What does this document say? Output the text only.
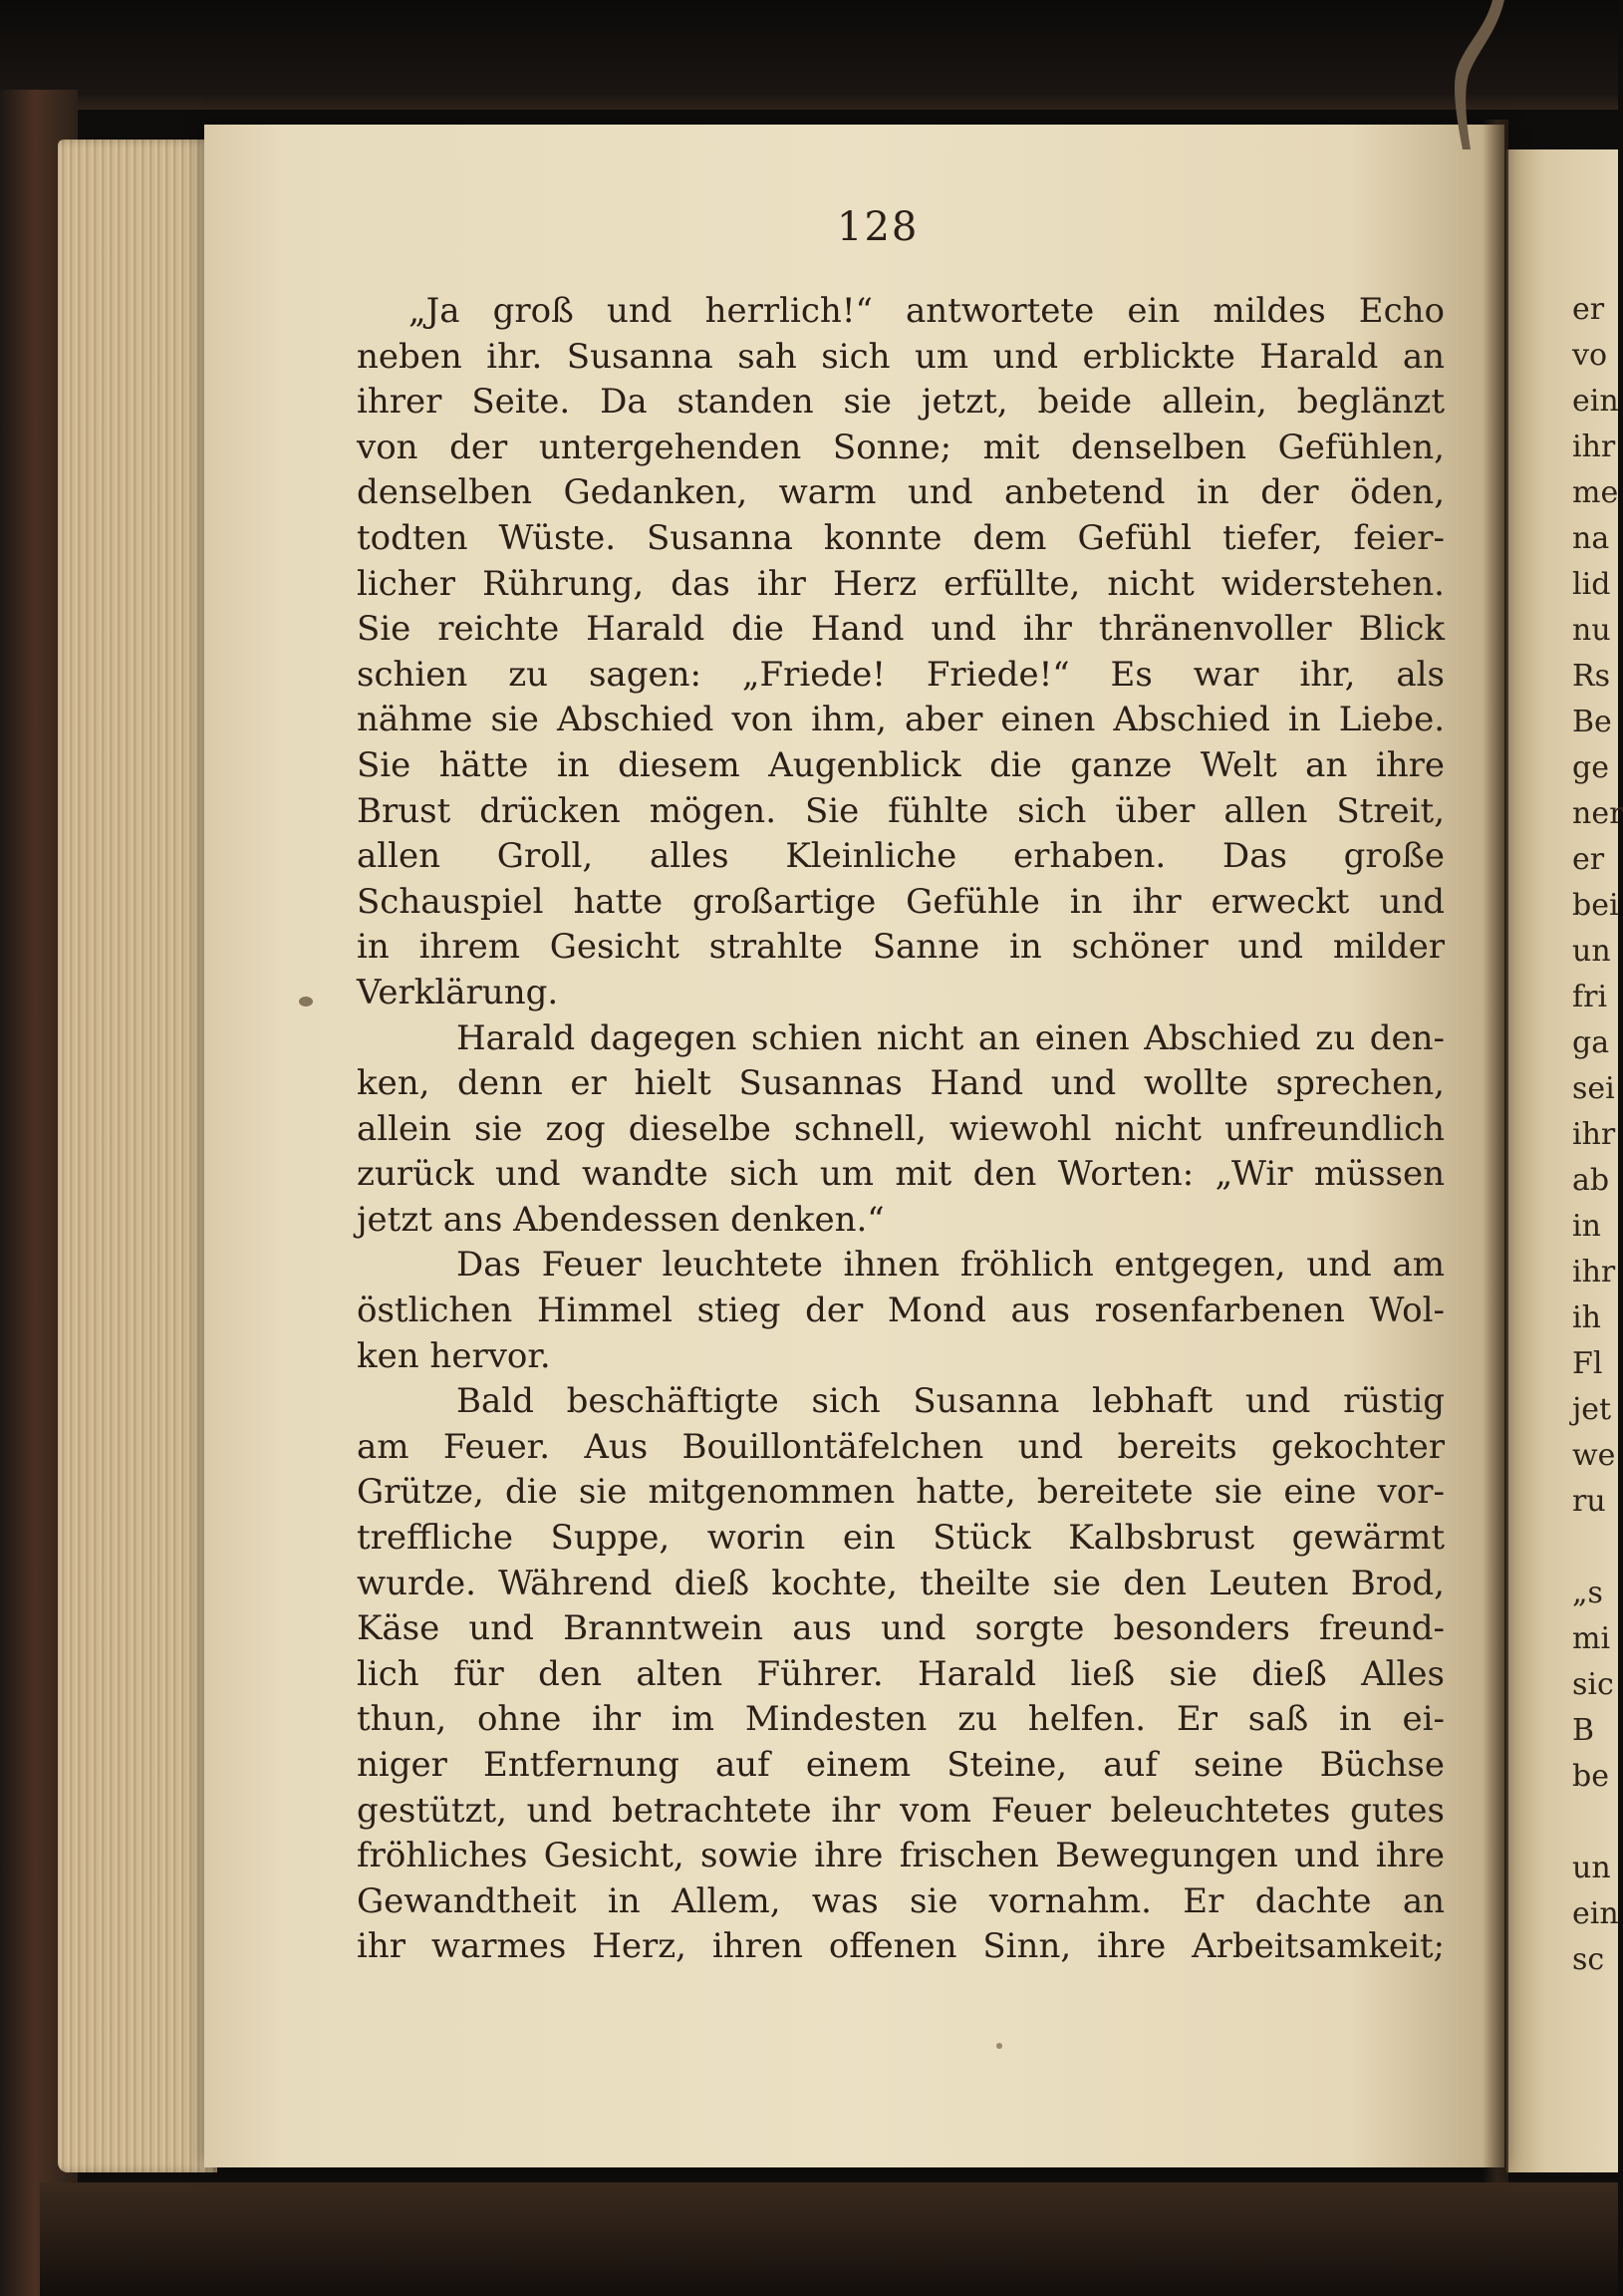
er
vo
ein
ihr
me
na
lid
nu
Rs
Be
ge
ner
er
bei
un
fri
ga
sei
ihr
ab
in
ihr
ih
Fl
jet
we
ru
„s
mi
sic
B
be
un
ein
sc
128
„Ja groß und herrlich!“ antwortete ein mildes Echo
neben ihr. Susanna sah sich um und erblickte Harald an
ihrer Seite. Da standen sie jetzt, beide allein, beglänzt
von der untergehenden Sonne; mit denselben Gefühlen,
denselben Gedanken, warm und anbetend in der öden,
todten Wüste. Susanna konnte dem Gefühl tiefer, feier-
licher Rührung, das ihr Herz erfüllte, nicht widerstehen.
Sie reichte Harald die Hand und ihr thränenvoller Blick
schien zu sagen: „Friede! Friede!“ Es war ihr, als
nähme sie Abschied von ihm, aber einen Abschied in Liebe.
Sie hätte in diesem Augenblick die ganze Welt an ihre
Brust drücken mögen. Sie fühlte sich über allen Streit,
allen Groll, alles Kleinliche erhaben. Das große
Schauspiel hatte großartige Gefühle in ihr erweckt und
in ihrem Gesicht strahlte Sanne in schöner und milder
Verklärung.
Harald dagegen schien nicht an einen Abschied zu den-
ken, denn er hielt Susannas Hand und wollte sprechen,
allein sie zog dieselbe schnell, wiewohl nicht unfreundlich
zurück und wandte sich um mit den Worten: „Wir müssen
jetzt ans Abendessen denken.“
Das Feuer leuchtete ihnen fröhlich entgegen, und am
östlichen Himmel stieg der Mond aus rosenfarbenen Wol-
ken hervor.
Bald beschäftigte sich Susanna lebhaft und rüstig
am Feuer. Aus Bouillontäfelchen und bereits gekochter
Grütze, die sie mitgenommen hatte, bereitete sie eine vor-
treffliche Suppe, worin ein Stück Kalbsbrust gewärmt
wurde. Während dieß kochte, theilte sie den Leuten Brod,
Käse und Branntwein aus und sorgte besonders freund-
lich für den alten Führer. Harald ließ sie dieß Alles
thun, ohne ihr im Mindesten zu helfen. Er saß in ei-
niger Entfernung auf einem Steine, auf seine Büchse
gestützt, und betrachtete ihr vom Feuer beleuchtetes gutes
fröhliches Gesicht, sowie ihre frischen Bewegungen und ihre
Gewandtheit in Allem, was sie vornahm. Er dachte an
ihr warmes Herz, ihren offenen Sinn, ihre Arbeitsamkeit;
